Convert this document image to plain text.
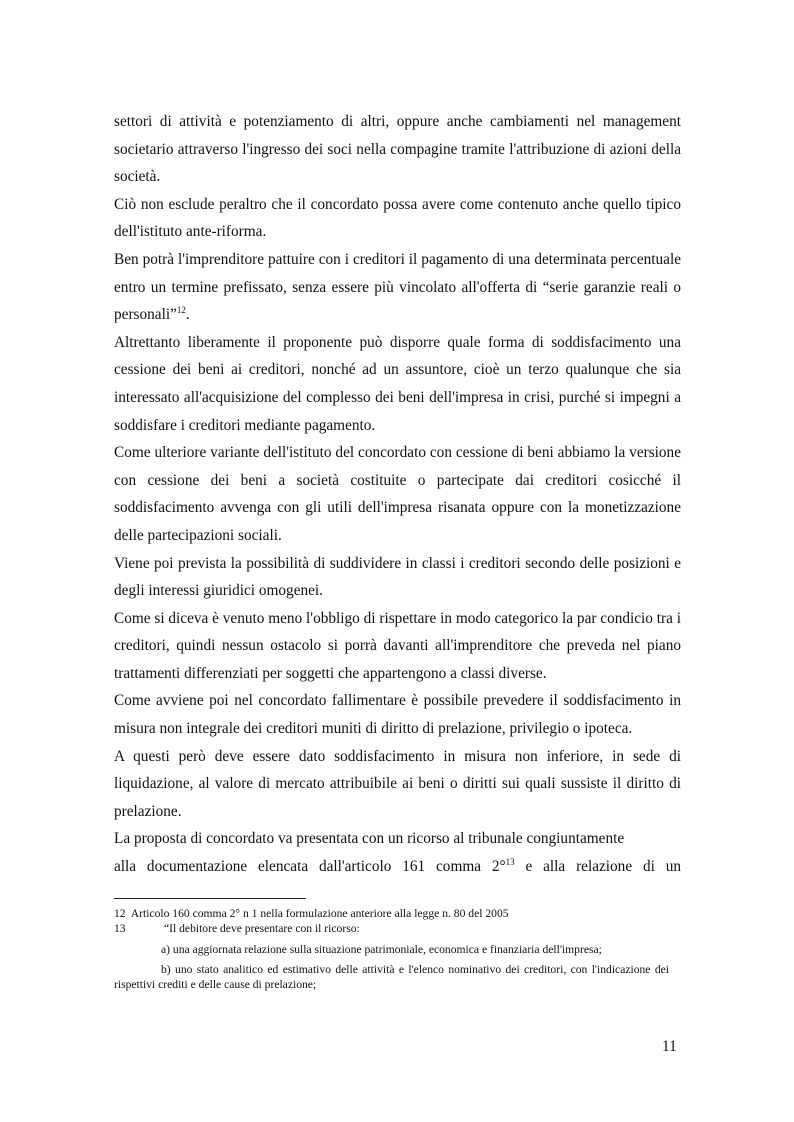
settori di attività e potenziamento di altri, oppure anche cambiamenti nel management societario attraverso l'ingresso dei soci nella compagine tramite l'attribuzione di azioni della società.

Ciò non esclude peraltro che il concordato possa avere come contenuto anche quello tipico dell'istituto ante-riforma.

Ben potrà l'imprenditore pattuire con i creditori il pagamento di una determinata percentuale entro un termine prefissato, senza essere più vincolato all'offerta di “serie garanzie reali o personali”$^{12}$.

Altrettanto liberamente il proponente può disporre quale forma di soddisfacimento una cessione dei beni ai creditori, nonché ad un assuntore, cioè un terzo qualunque che sia interessato all'acquisizione del complesso dei beni dell'impresa in crisi, purché si impegni a soddisfare i creditori mediante pagamento.

Come ulteriore variante dell'istituto del concordato con cessione di beni abbiamo la versione con cessione dei beni a società costituite o partecipate dai creditori cosicché il soddisfacimento avvenga con gli utili dell'impresa risanata oppure con la monetizzazione delle partecipazioni sociali.

Viene poi prevista la possibilità di suddividere in classi i creditori secondo delle posizioni e degli interessi giuridici omogenei.

Come si diceva è venuto meno l'obbligo di rispettare in modo categorico la par condicio tra i creditori, quindi nessun ostacolo si porrà davanti all'imprenditore che preveda nel piano trattamenti differenziati per soggetti che appartengono a classi diverse.

Come avviene poi nel concordato fallimentare è possibile prevedere il soddisfacimento in misura non integrale dei creditori muniti di diritto di prelazione, privilegio o ipoteca.

A questi però deve essere dato soddisfacimento in misura non inferiore, in sede di liquidazione, al valore di mercato attribuibile ai beni o diritti sui quali sussiste il diritto di prelazione.

La proposta di concordato va presentata con un ricorso al tribunale congiuntamente

alla documentazione elencata dall'articolo 161 comma 2°$^{13}$ e alla relazione di un

12 Articolo 160 comma 2° n 1 nella formulazione anteriore alla legge n. 80 del 2005

13	“Il debitore deve presentare con il ricorso:

a) una aggiornata relazione sulla situazione patrimoniale, economica e finanziaria dell'impresa;

b) uno stato analitico ed estimativo delle attività e l'elenco nominativo dei creditori, con l'indicazione deirispettivi crediti e delle cause di prelazione;

11
